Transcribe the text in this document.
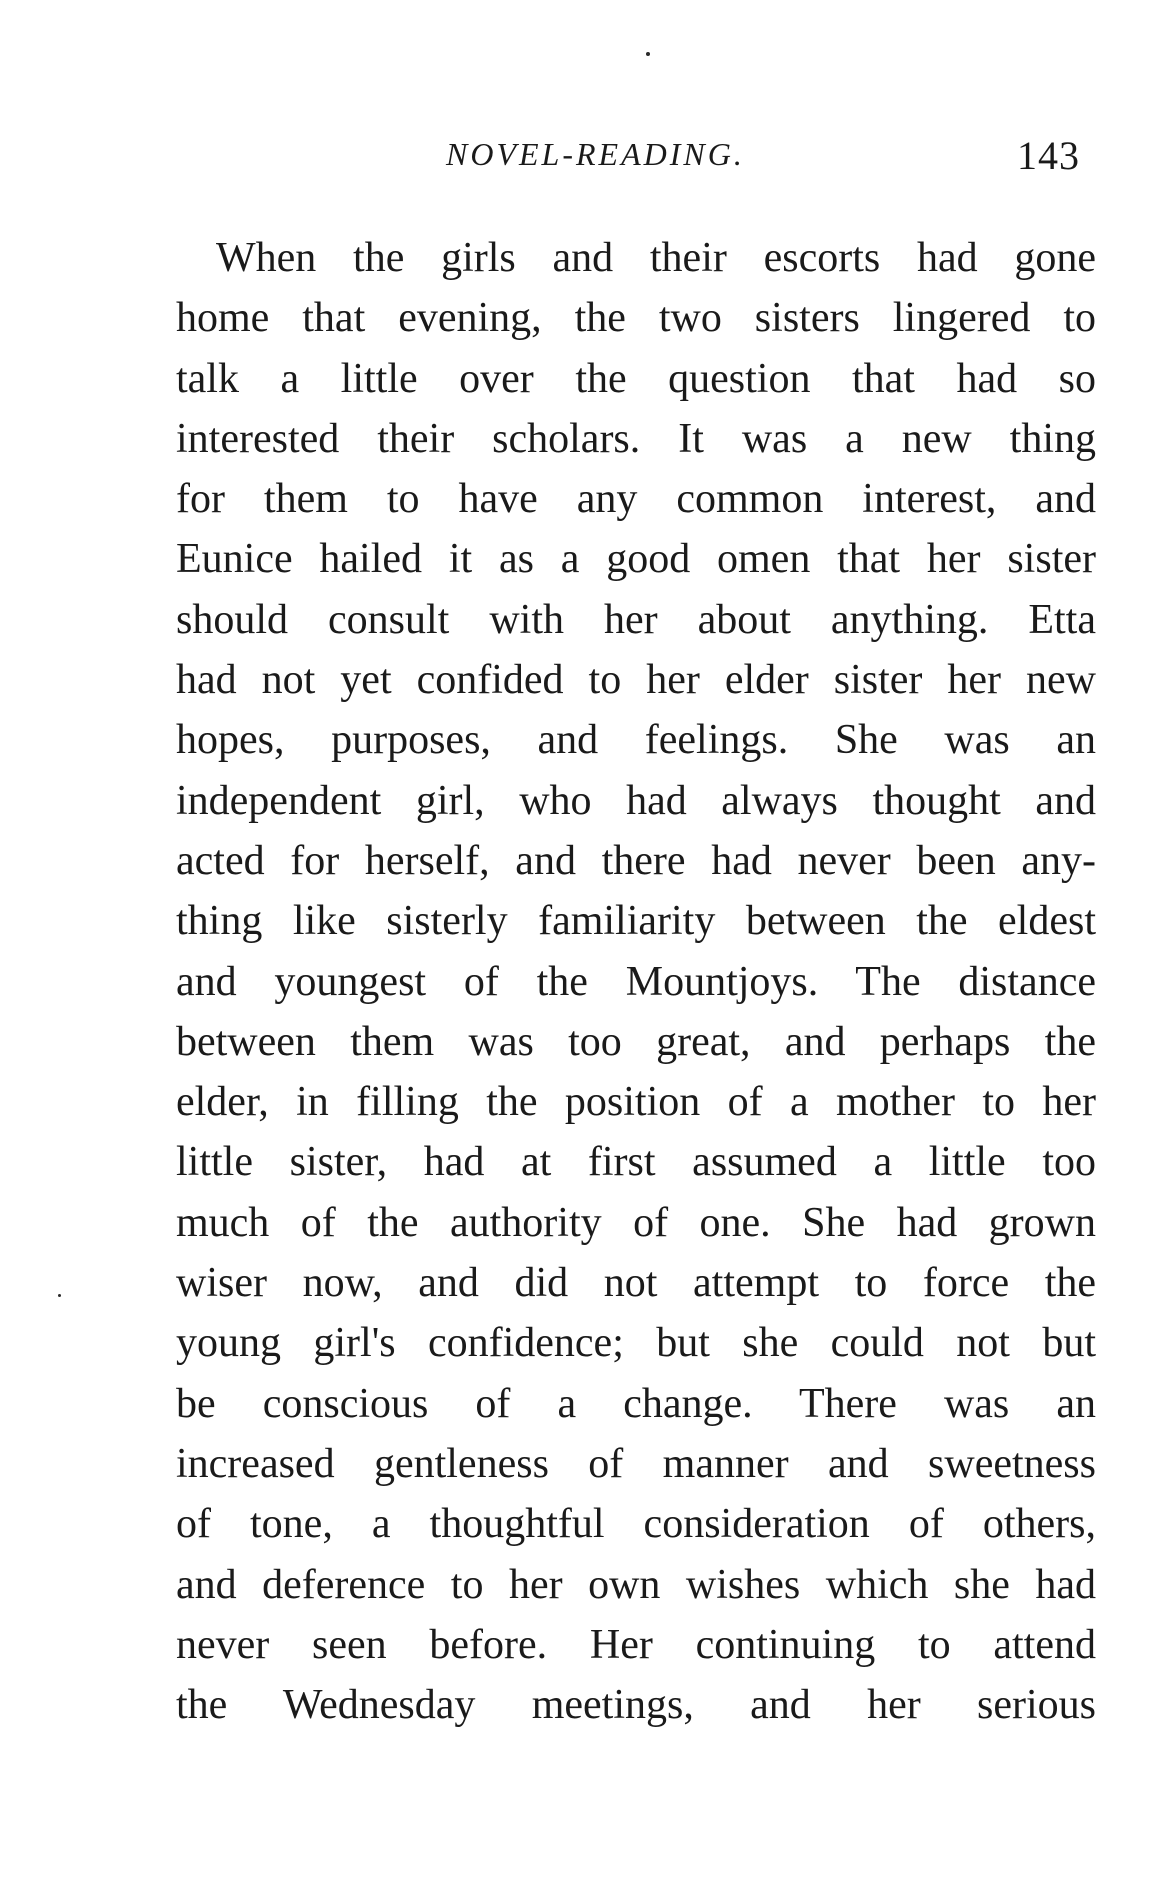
NOVEL-READING.	143
When the girls and their escorts had gone
home that evening, the two sisters lingered to
talk a little over the question that had so
interested their scholars. It was a new thing
for them to have any common interest, and
Eunice hailed it as a good omen that her sister
should consult with her about anything. Etta
had not yet confided to her elder sister her new
hopes, purposes, and feelings. She was an
independent girl, who had always thought and
acted for herself, and there had never been any-
thing like sisterly familiarity between the eldest
and youngest of the Mountjoys. The distance
between them was too great, and perhaps the
elder, in filling the position of a mother to her
little sister, had at first assumed a little too
much of the authority of one. She had grown
wiser now, and did not attempt to force the
young girl's confidence; but she could not but
be conscious of a change. There was an
increased gentleness of manner and sweetness
of tone, a thoughtful consideration of others,
and deference to her own wishes which she had
never seen before. Her continuing to attend
the Wednesday meetings, and her serious
